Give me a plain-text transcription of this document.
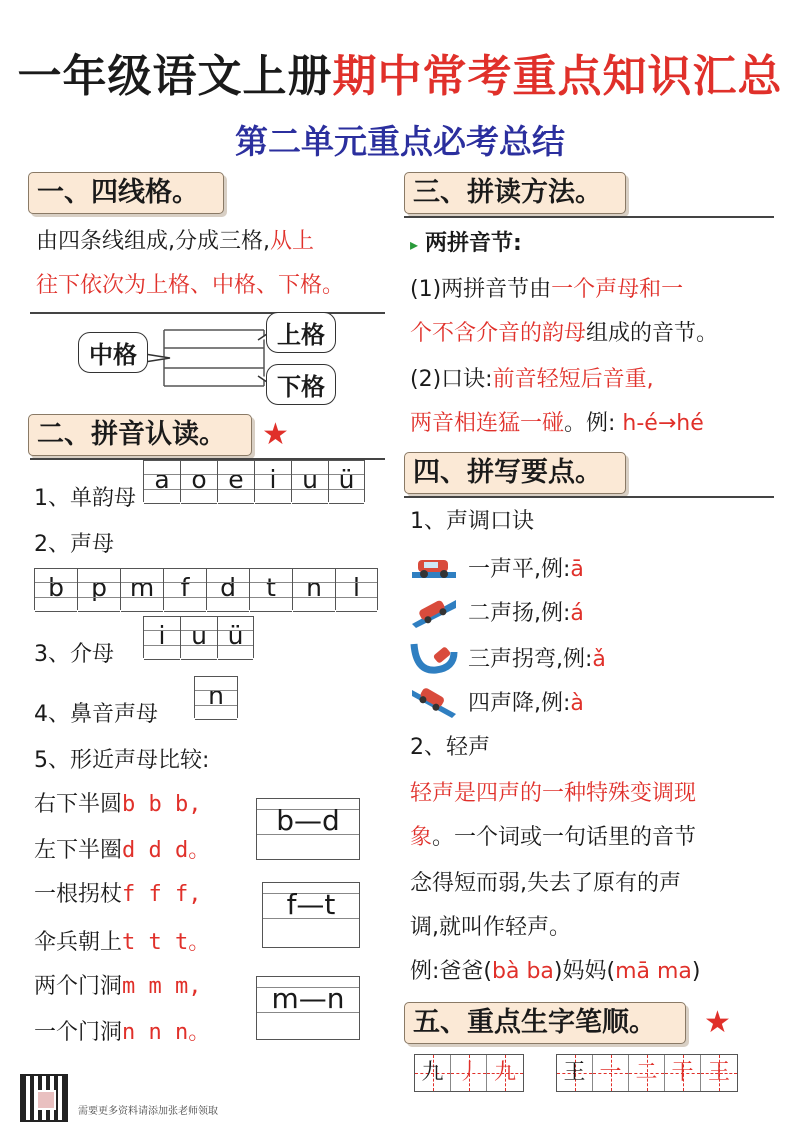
一年级语文上册期中常考重点知识汇总
第二单元重点必考总结
一、四线格。
由四条线组成,分成三格,从上
往下依次为上格、中格、下格。
中格
上格
下格
二、拼音认读。	★
1、单韵母
a o e	i	u ü
2、声母
b	p m	f	d	t	n	l
3、介母
i	u ü
4、鼻音声母
n
5、形近声母比较:
右下半圆b b b,
左下半圈d d d。
一根拐杖f f f,
伞兵朝上t t t。
两个门洞m m m,
一个门洞n n n。
b—d
f—t
m—n
三、拼读方法。
▸ 两拼音节:
(1)两拼音节由一个声母和一
个不含介音的韵母组成的音节。
(2)口诀:前音轻短后音重,
两音相连猛一碰。例: h-é→hé
四、拼写要点。
1、声调口诀
一声平,例:ā
二声扬,例:á
三声拐弯,例:ǎ
四声降,例:à
2、轻声
轻声是四声的一种特殊变调现
象。一个词或一句话里的音节
念得短而弱,失去了原有的声
调,就叫作轻声。
例:爸爸(bà ba)妈妈(mā ma)
五、重点生字笔顺。	★
九 丿 九	王 一 二 干 王
需要更多资料请添加张老师领取
